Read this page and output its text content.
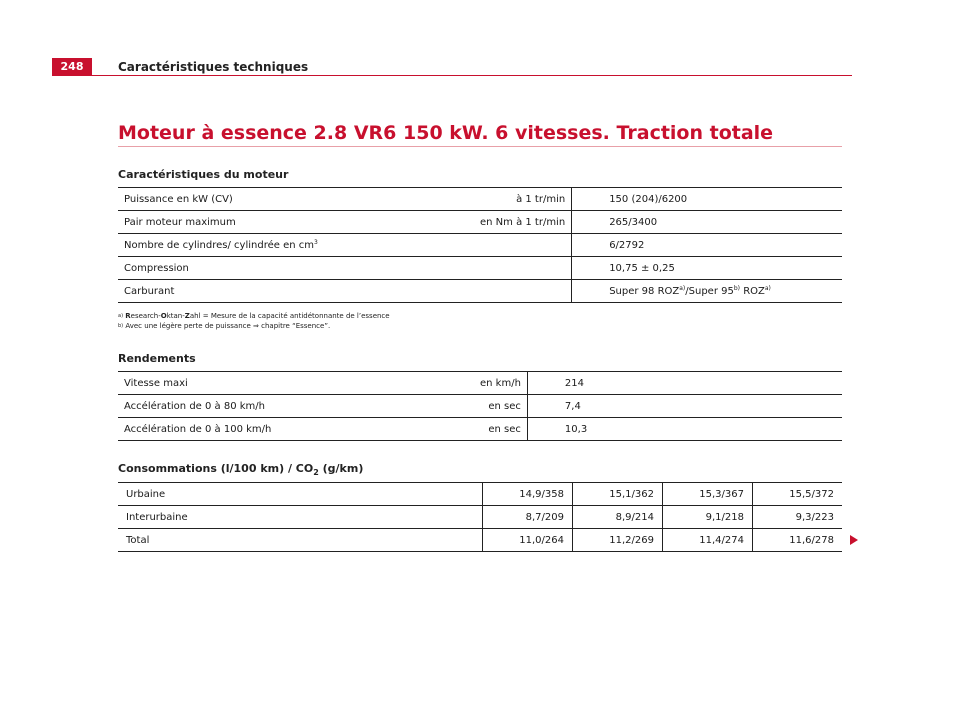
248	Caractéristiques techniques
Moteur à essence 2.8 VR6 150 kW. 6 vitesses. Traction totale
Caractéristiques du moteur
Puissance en kW (CV)	à 1 tr/min	150 (204)/6200
Pair moteur maximum	en Nm à 1 tr/min	265/3400
Nombre de cylindres/ cylindrée en $cm^3$		6/2792
Compression		10,75 ± 0,25
Carburant		Super 98 ROZ$^{a)}$/Super 95$^{b)}$ ROZ$^{a)}$
$^{a)}$ Research-Oktan-Zahl = Mesure de la capacité antidétonnante de l’essence
$^{b)}$ Avec une légère perte de puissance ⇒ chapitre “Essence”.
Rendements
Vitesse maxi	en km/h	214
Accélération de 0 à 80 km/h	en sec	7,4
Accélération de 0 à 100 km/h	en sec	10,3
Consommations (l/100 $km) / CO_2$ (g/km)
Urbaine	14,9/358	15,1/362	15,3/367	15,5/372
Interurbaine	8,7/209	8,9/214	9,1/218	9,3/223
Total	11,0/264	11,2/269	11,4/274	11,6/278
